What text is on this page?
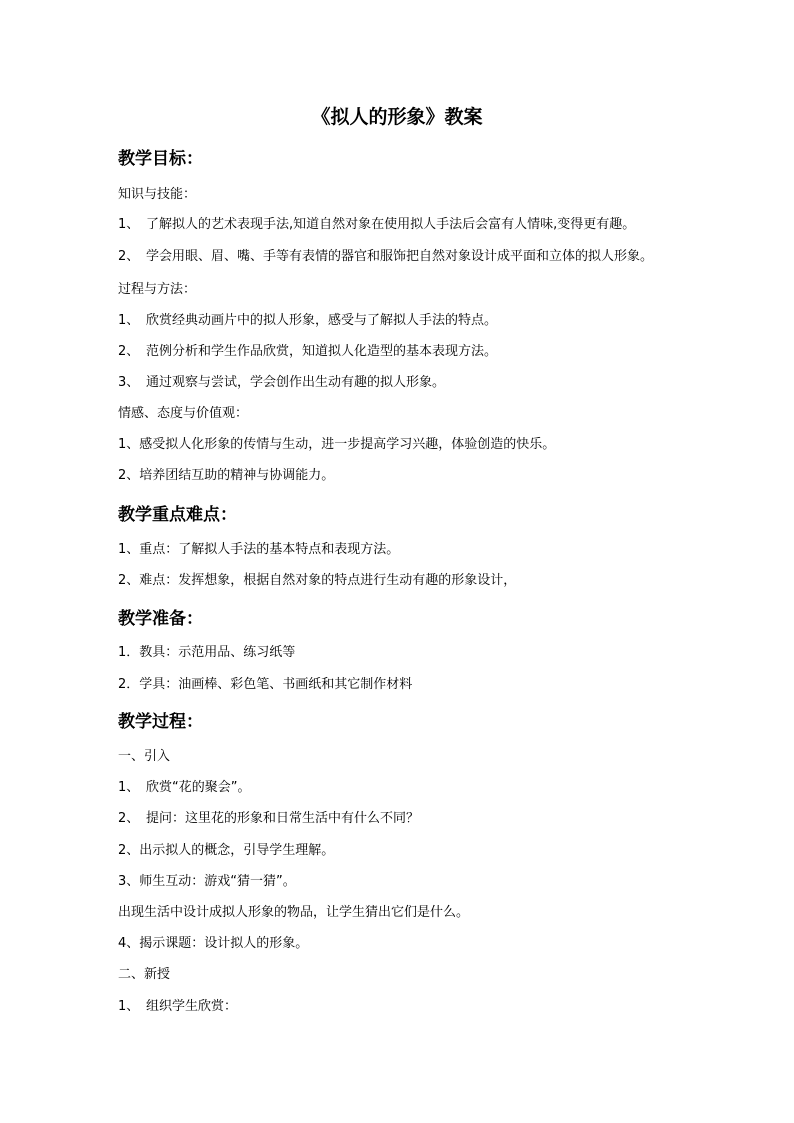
《拟人的形象》教案
教学目标：
知识与技能：
1、 了解拟人的艺术表现手法,知道自然对象在使用拟人手法后会富有人情味,变得更有趣。
2、 学会用眼、眉、嘴、手等有表情的器官和服饰把自然对象设计成平面和立体的拟人形象。
过程与方法：
1、 欣赏经典动画片中的拟人形象，感受与了解拟人手法的特点。
2、 范例分析和学生作品欣赏，知道拟人化造型的基本表现方法。
3、 通过观察与尝试，学会创作出生动有趣的拟人形象。
情感、态度与价值观：
1、感受拟人化形象的传情与生动，进一步提高学习兴趣，体验创造的快乐。
2、培养团结互助的精神与协调能力。
教学重点难点：
1、重点：了解拟人手法的基本特点和表现方法。
2、难点：发挥想象，根据自然对象的特点进行生动有趣的形象设计，
教学准备：
1．教具：示范用品、练习纸等
2．学具：油画棒、彩色笔、书画纸和其它制作材料
教学过程：
一、引入
1、 欣赏“花的聚会”。
2、 提问：这里花的形象和日常生活中有什么不同？
2、出示拟人的概念，引导学生理解。
3、师生互动：游戏“猜一猜”。
出现生活中设计成拟人形象的物品，让学生猜出它们是什么。
4、揭示课题：设计拟人的形象。
二、新授
1、 组织学生欣赏：
